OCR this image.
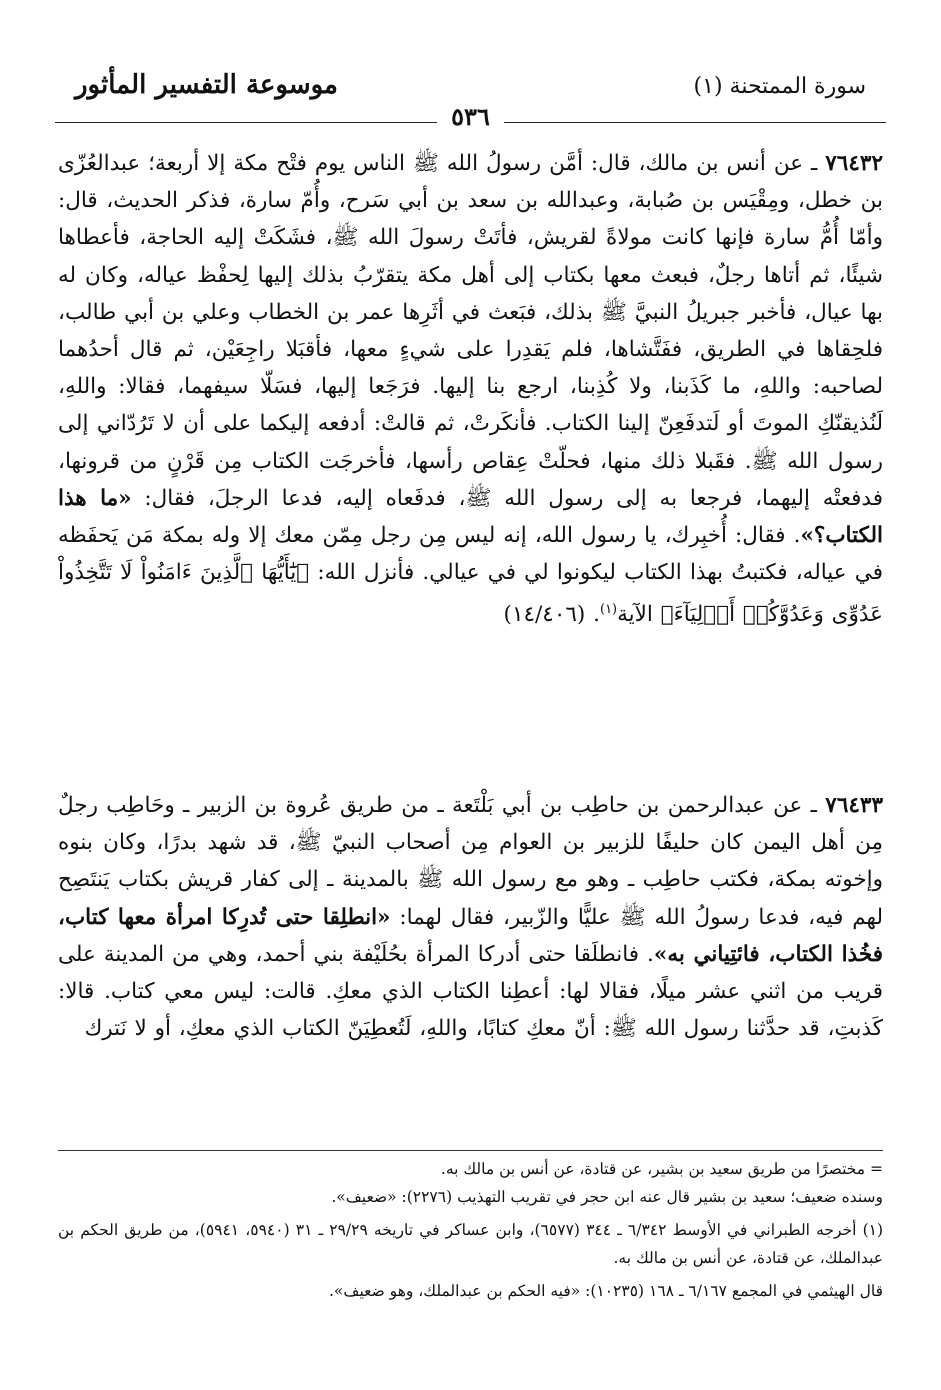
سورة الممتحنة (١)
موسوعة التفسير المأثور
٥٣٦
٧٦٤٣٢ ـ عن أنس بن مالك، قال: أمَّن رسولُ الله ﷺ الناس يوم فتْح مكة إلا أربعة؛ عبدالعُزّى بن خطل، ومِقْيَس بن صُبابة، وعبدالله بن سعد بن أبي سَرح، وأُمّ سارة، فذكر الحديث، قال: وأمّا أُمُّ سارة فإنها كانت مولاةً لقريش، فأتَتْ رسولَ الله ﷺ، فشَكَتْ إليه الحاجة، فأعطاها شيئًا، ثم أتاها رجلٌ، فبعث معها بكتاب إلى أهل مكة يتقرّبُ بذلك إليها لِحفْظ عياله، وكان له بها عيال، فأخبر جبريلُ النبيَّ ﷺ بذلك، فبَعث في أثَرِها عمر بن الخطاب وعلي بن أبي طالب، فلحِقاها في الطريق، ففَتَّشاها، فلم يَقدِرا على شيءٍ معها، فأقبَلا راجِعَيْن، ثم قال أحدُهما لصاحبه: واللهِ، ما كَذَبنا، ولا كُذِبنا، ارجع بنا إليها. فرَجَعا إليها، فسَلّا سيفهما، فقالا: واللهِ، لَنُذيقنّكِ الموتَ أو لَتدفَعِنّ إلينا الكتاب. فأنكَرتْ، ثم قالتْ: أدفعه إليكما على أن لا تَرُدّاني إلى رسول الله ﷺ. فقَبلا ذلك منها، فحلّتْ عِقاص رأسها، فأخرجَت الكتاب مِن قَرْنٍ من قرونها، فدفعتْه إليهما، فرجعا به إلى رسول الله ﷺ، فدفَعاه إليه، فدعا الرجلَ، فقال: «ما هذا الكتاب؟». فقال: أُخبِرك، يا رسول الله، إنه ليس مِن رجل مِمّن معك إلا وله بمكة مَن يَحفَظه في عياله، فكتبتُ بهذا الكتاب ليكونوا لي في عيالي. فأنزل الله: ﴿يَٰٓأَيُّهَا ٱلَّذِينَ ءَامَنُواْ لَا تَتَّخِذُواْ عَدُوِّى وَعَدُوَّكُمۡ أَوۡلِيَآءَ﴾ الآية$^{(١)}$. (١٤/٤٠٦)
٧٦٤٣٣ ـ عن عبدالرحمن بن حاطِب بن أبي بَلْتَعة ـ من طريق عُروة بن الزبير ـ وحَاطِب رجلٌ مِن أهل اليمن كان حليفًا للزبير بن العوام مِن أصحاب النبيّ ﷺ، قد شهد بدرًا، وكان بنوه وإخوته بمكة، فكتب حاطِب ـ وهو مع رسول الله ﷺ بالمدينة ـ إلى كفار قريش بكتاب يَنتَصِح لهم فيه، فدعا رسولُ الله ﷺ عليًّا والزّبير، فقال لهما: «انطلِقا حتى تُدرِكا امرأة معها كتاب، فخُذا الكتاب، فائتِياني به». فانطلَقا حتى أدركا المرأة بحُلَيْفة بني أحمد، وهي من المدينة على قريب من اثني عشر ميلًا، فقالا لها: أعطِنا الكتاب الذي معكِ. قالت: ليس معي كتاب. قالا: كَذبتِ، قد حدَّثنا رسول الله ﷺ: أنّ معكِ كتابًا، واللهِ، لَتُعطِيَنّ الكتاب الذي معكِ، أو لا نَترك

= مختصرًا من طريق سعيد بن بشير، عن قتادة، عن أنس بن مالك به.

وسنده ضعيف؛ سعيد بن بشير قال عنه ابن حجر في تقريب التهذيب (٢٢٧٦): «ضعيف».

(١) أخرجه الطبراني في الأوسط ٦/٣٤٢ ـ ٣٤٤ (٦٥٧٧)، وابن عساكر في تاريخه ٢٩/٢٩ ـ ٣١ (٥٩٤٠، ٥٩٤١)، من طريق الحكم بن عبدالملك، عن قتادة، عن أنس بن مالك به.

قال الهيثمي في المجمع ٦/١٦٧ ـ ١٦٨ (١٠٢٣٥): «فيه الحكم بن عبدالملك، وهو ضعيف».
